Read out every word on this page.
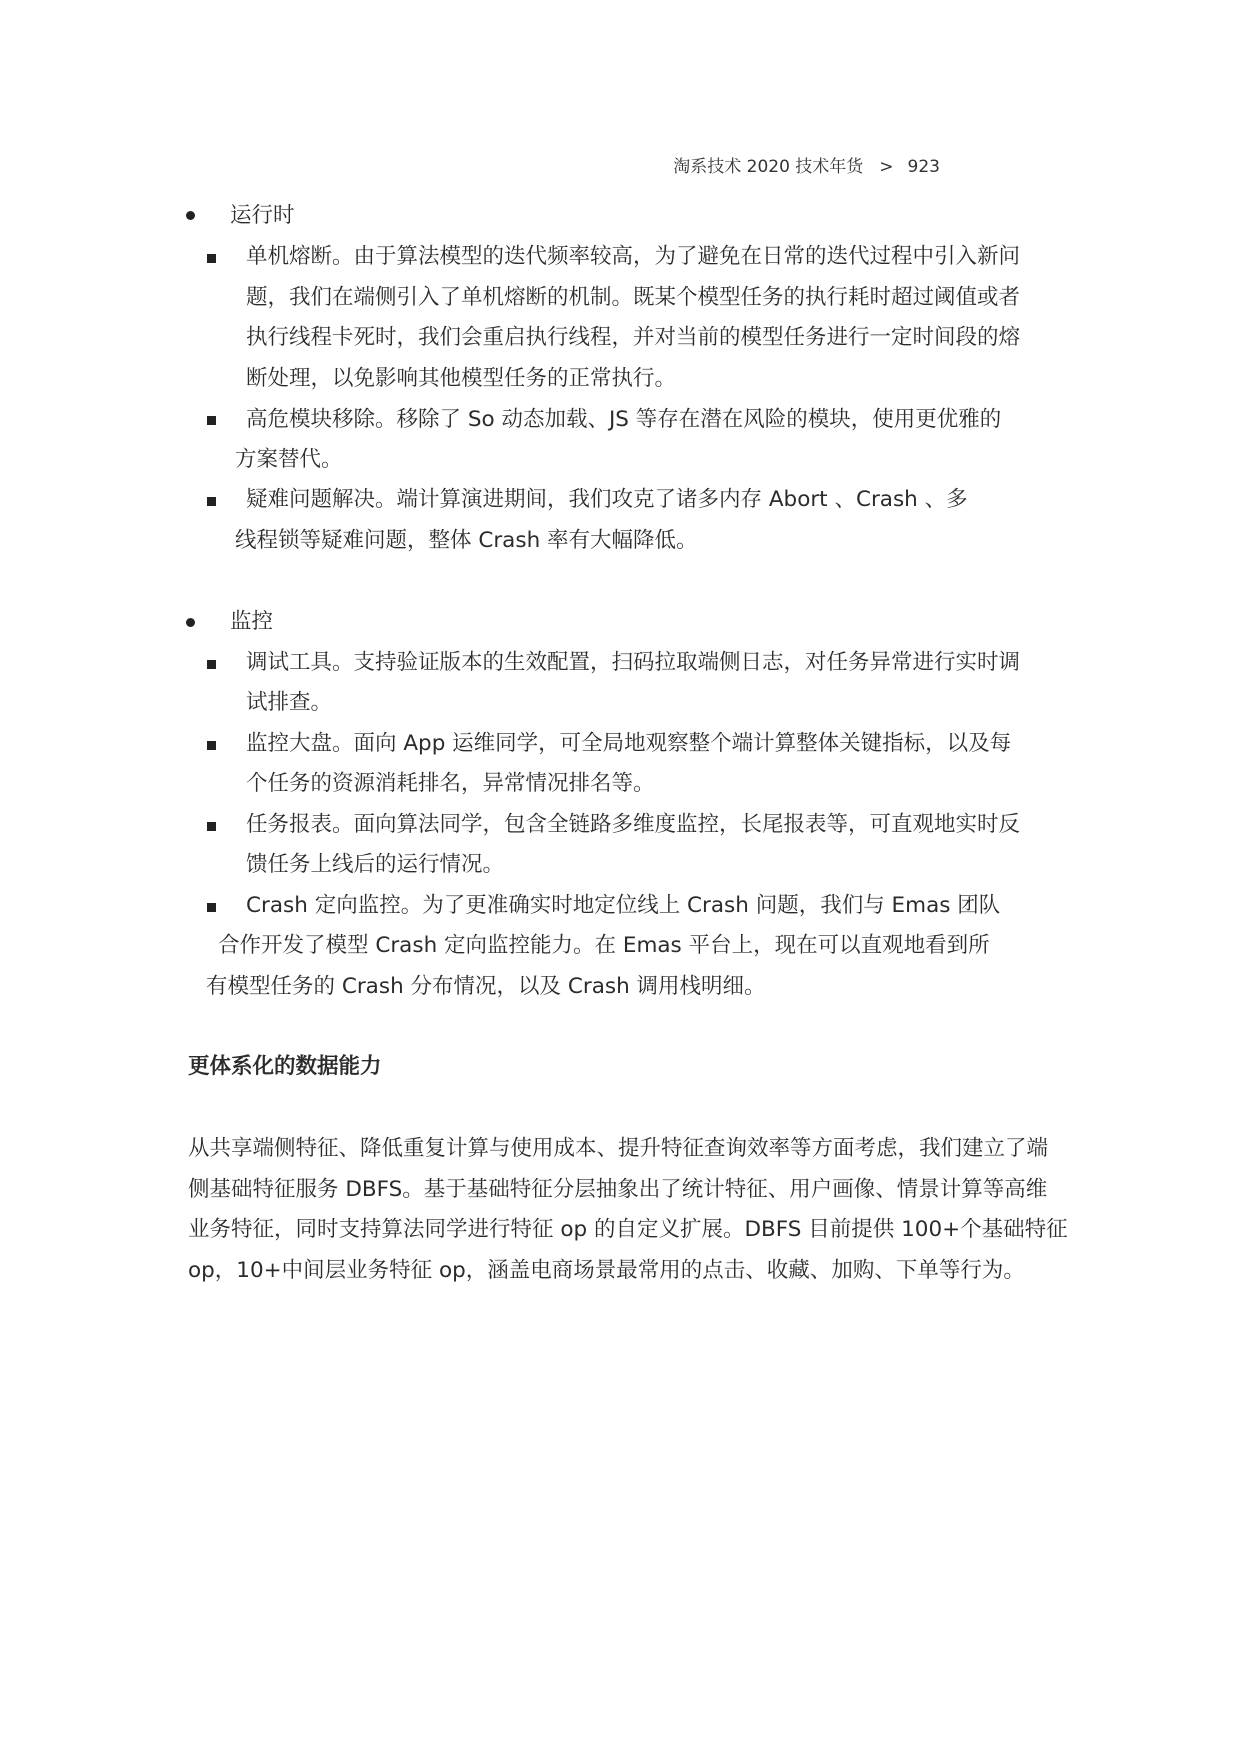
淘系技术 2020 技术年货 > 923
运行时
单机熔断。由于算法模型的迭代频率较高，为了避免在日常的迭代过程中引入新问
题，我们在端侧引入了单机熔断的机制。既某个模型任务的执行耗时超过阈值或者
执行线程卡死时，我们会重启执行线程，并对当前的模型任务进行一定时间段的熔
断处理，以免影响其他模型任务的正常执行。
高危模块移除。移除了 So 动态加载、JS 等存在潜在风险的模块，使用更优雅的
方案替代。
疑难问题解决。端计算演进期间，我们攻克了诸多内存 Abort 、Crash 、多
线程锁等疑难问题，整体 Crash 率有大幅降低。
监控
调试工具。支持验证版本的生效配置，扫码拉取端侧日志，对任务异常进行实时调
试排查。
监控大盘。面向 App 运维同学，可全局地观察整个端计算整体关键指标，以及每
个任务的资源消耗排名，异常情况排名等。
任务报表。面向算法同学，包含全链路多维度监控，长尾报表等，可直观地实时反
馈任务上线后的运行情况。
Crash 定向监控。为了更准确实时地定位线上 Crash 问题，我们与 Emas 团队
合作开发了模型 Crash 定向监控能力。在 Emas 平台上，现在可以直观地看到所
有模型任务的 Crash 分布情况，以及 Crash 调用栈明细。
更体系化的数据能力
从共享端侧特征、降低重复计算与使用成本、提升特征查询效率等方面考虑，我们建立了端
侧基础特征服务 DBFS。基于基础特征分层抽象出了统计特征、用户画像、情景计算等高维
业务特征，同时支持算法同学进行特征 op 的自定义扩展。DBFS 目前提供 100+个基础特征
op，10+中间层业务特征 op，涵盖电商场景最常用的点击、收藏、加购、下单等行为。
